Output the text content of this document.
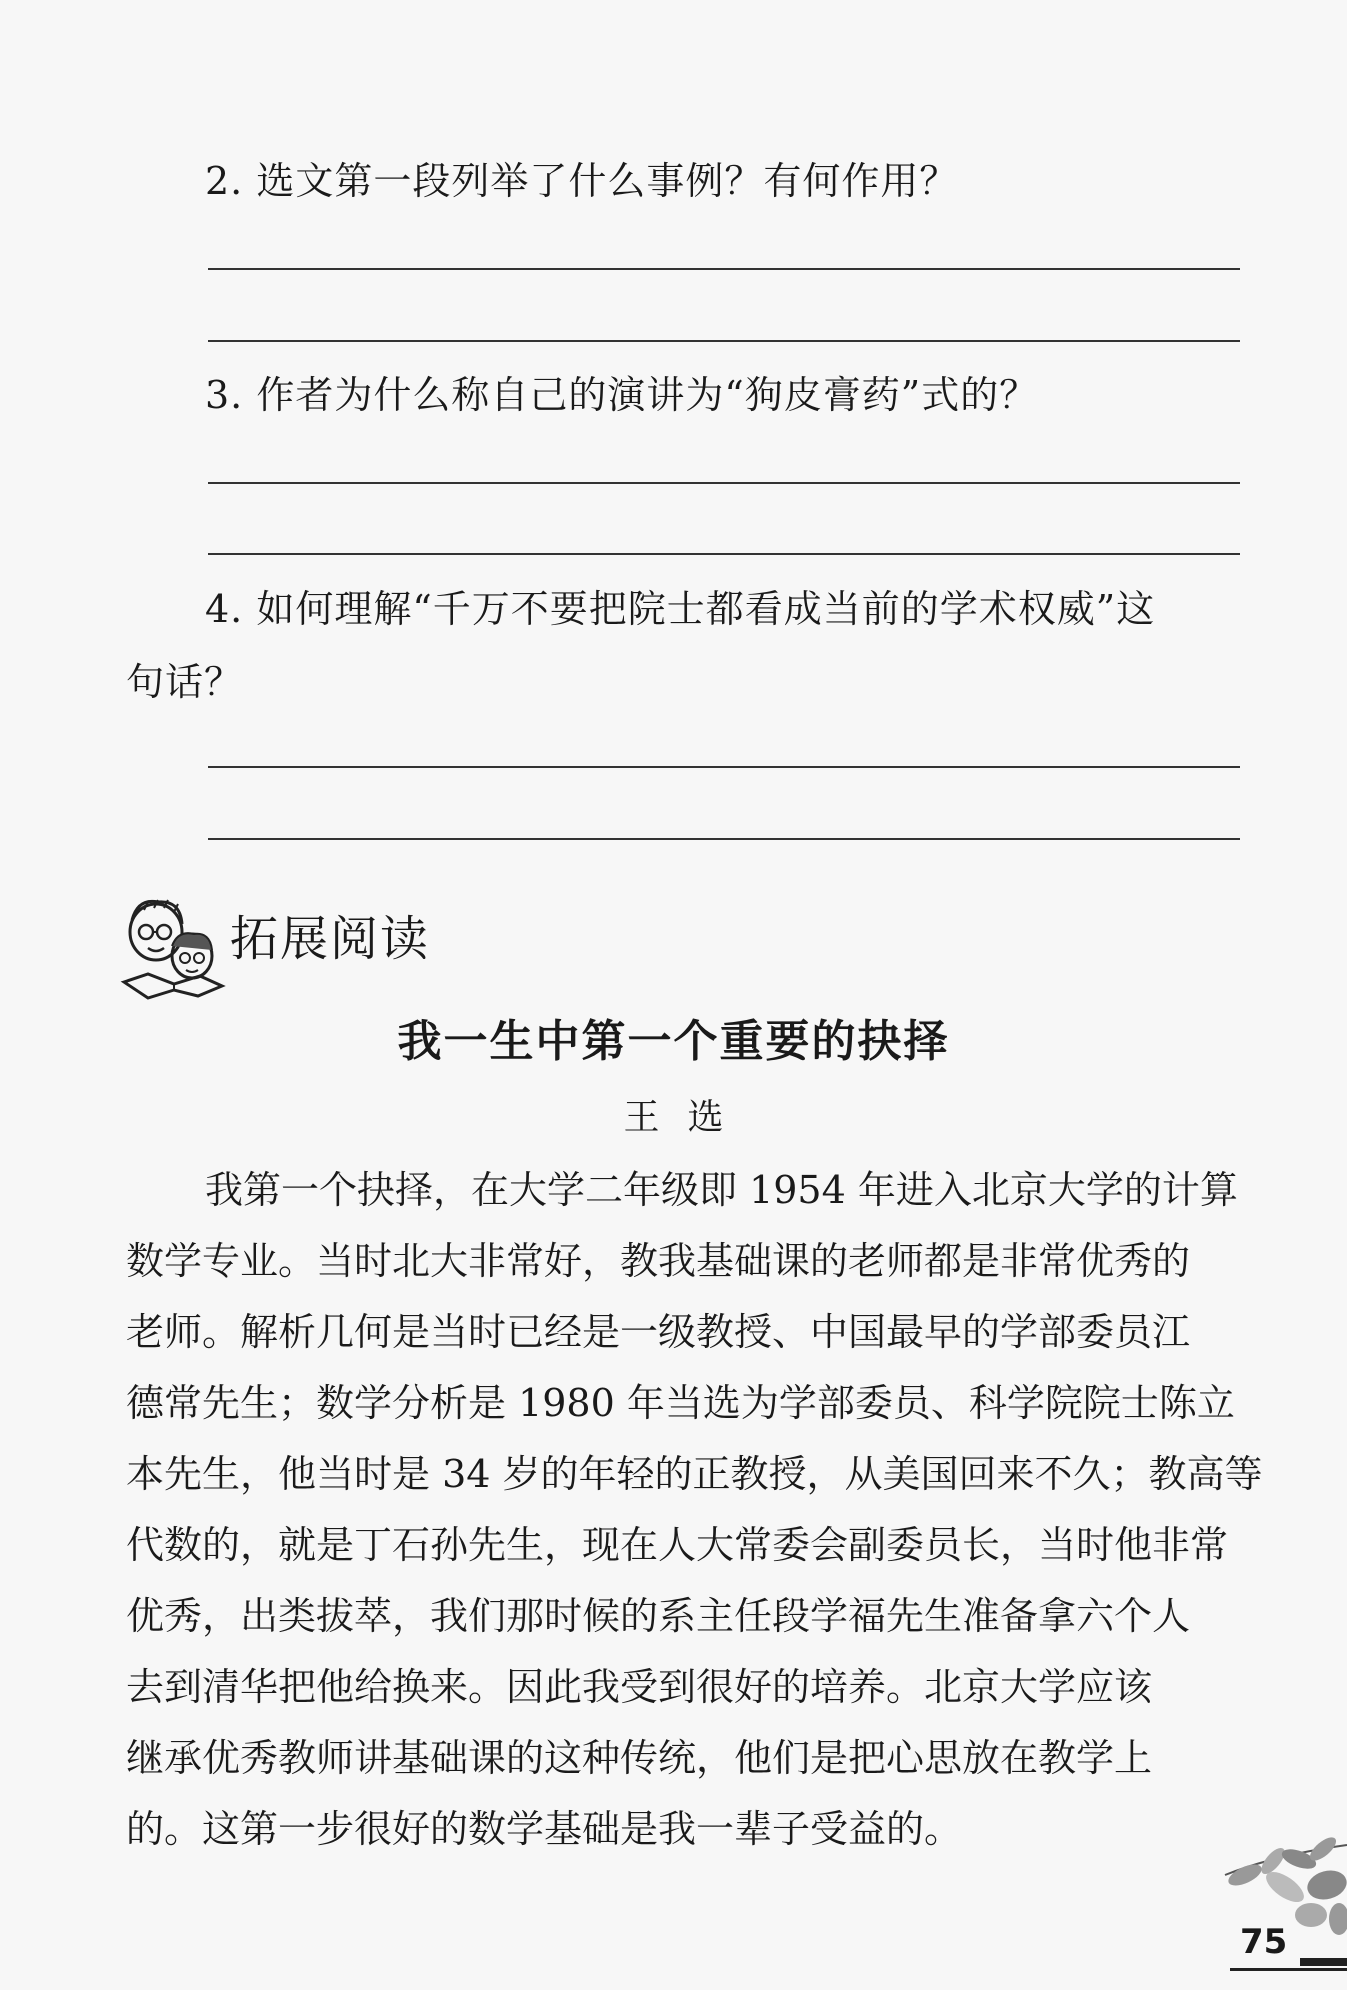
2. 选文第一段列举了什么事例？有何作用？
3. 作者为什么称自己的演讲为“狗皮膏药”式的？
4. 如何理解“千万不要把院士都看成当前的学术权威”这
句话？
拓展阅读
我一生中第一个重要的抉择
王选
我第一个抉择，在大学二年级即 1954 年进入北京大学的计算
数学专业。当时北大非常好，教我基础课的老师都是非常优秀的
老师。解析几何是当时已经是一级教授、中国最早的学部委员江
德常先生；数学分析是 1980 年当选为学部委员、科学院院士陈立
本先生，他当时是 34 岁的年轻的正教授，从美国回来不久；教高等
代数的，就是丁石孙先生，现在人大常委会副委员长，当时他非常
优秀，出类拔萃，我们那时候的系主任段学福先生准备拿六个人
去到清华把他给换来。因此我受到很好的培养。北京大学应该
继承优秀教师讲基础课的这种传统，他们是把心思放在教学上
的。这第一步很好的数学基础是我一辈子受益的。
75
